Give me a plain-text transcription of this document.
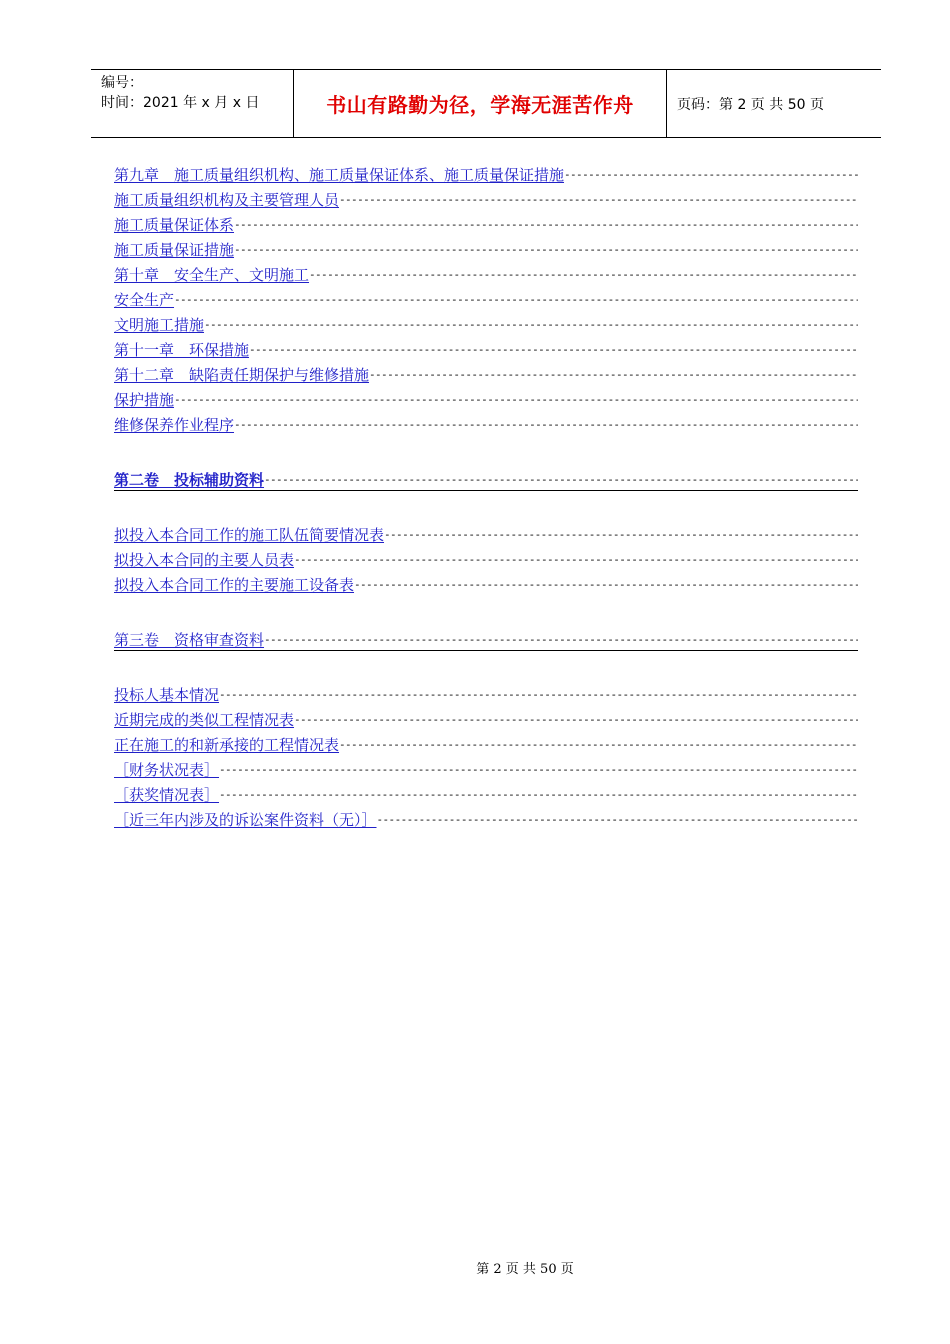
编号：
时间：2021 年 x 月 x 日	书山有路勤为径，学海无涯苦作舟	页码：第 2 页 共 50 页
第九章　施工质量组织机构、施工质量保证体系、施工质量保证措施
-----
施工质量组织机构及主要管理人员
-----
施工质量保证体系
-----
施工质量保证措施
-----
第十章　安全生产、文明施工
-----
安全生产
-----
文明施工措施
-----
第十一章　环保措施
-----
第十二章　缺陷责任期保护与维修措施
-----
保护措施
-----
维修保养作业程序
-----
第二卷　投标辅助资料
-----
拟投入本合同工作的施工队伍简要情况表
-----
拟投入本合同的主要人员表
-----
拟投入本合同工作的主要施工设备表
-----
第三卷　资格审查资料
-----
投标人基本情况
-----
近期完成的类似工程情况表
-----
正在施工的和新承接的工程情况表
-----
［财务状况表］
-----
［获奖情况表］
-----
［近三年内涉及的诉讼案件资料（无）］
-----
第 2 页 共 50 页
